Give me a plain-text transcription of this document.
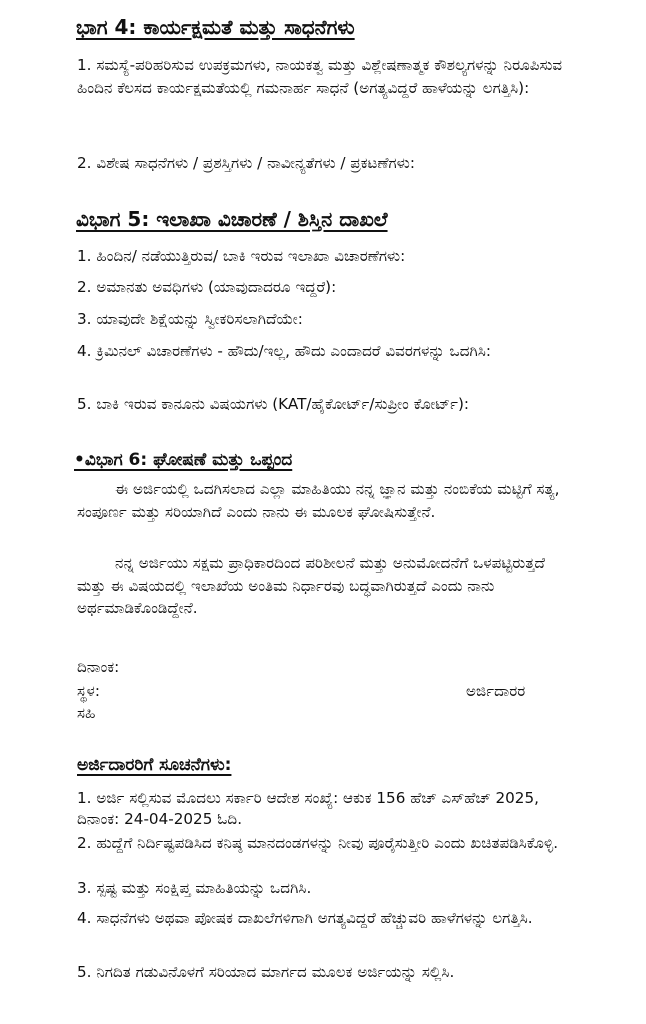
ಭಾಗ 4: ಕಾರ್ಯಕ್ಷಮತೆ ಮತ್ತು ಸಾಧನೆಗಳು

1. ಸಮಸ್ಯೆ-ಪರಿಹರಿಸುವ ಉಪಕ್ರಮಗಳು, ನಾಯಕತ್ವ ಮತ್ತು ವಿಶ್ಲೇಷಣಾತ್ಮಕ ಕೌಶಲ್ಯಗಳನ್ನು ನಿರೂಪಿಸುವ ಹಿಂದಿನ ಕೆಲಸದ ಕಾರ್ಯಕ್ಷಮತೆಯಲ್ಲಿ ಗಮನಾರ್ಹ ಸಾಧನೆ (ಅಗತ್ಯವಿದ್ದರೆ ಹಾಳೆಯನ್ನು ಲಗತ್ತಿಸಿ):

2. ವಿಶೇಷ ಸಾಧನೆಗಳು / ಪ್ರಶಸ್ತಿಗಳು / ನಾವೀನ್ಯತೆಗಳು / ಪ್ರಕಟಣೆಗಳು:

ವಿಭಾಗ 5: ಇಲಾಖಾ ವಿಚಾರಣೆ / ಶಿಸ್ತಿನ ದಾಖಲೆ

1. ಹಿಂದಿನ/ ನಡೆಯುತ್ತಿರುವ/ ಬಾಕಿ ಇರುವ ಇಲಾಖಾ ವಿಚಾರಣೆಗಳು:

2. ಅಮಾನತು ಅವಧಿಗಳು (ಯಾವುದಾದರೂ ಇದ್ದರೆ):

3. ಯಾವುದೇ ಶಿಕ್ಷೆಯನ್ನು ಸ್ವೀಕರಿಸಲಾಗಿದೆಯೇ:

4. ಕ್ರಿಮಿನಲ್ ವಿಚಾರಣೆಗಳು - ಹೌದು/ಇಲ್ಲ, ಹೌದು ಎಂದಾದರೆ ವಿವರಗಳನ್ನು ಒದಗಿಸಿ:

5. ಬಾಕಿ ಇರುವ ಕಾನೂನು ವಿಷಯಗಳು (KAT/ಹೈಕೋರ್ಟ್/ಸುಪ್ರೀಂ ಕೋರ್ಟ್):

•ವಿಭಾಗ 6: ಘೋಷಣೆ ಮತ್ತು ಒಪ್ಪಂದ

ಈ ಅರ್ಜಿಯಲ್ಲಿ ಒದಗಿಸಲಾದ ಎಲ್ಲಾ ಮಾಹಿತಿಯು ನನ್ನ ಜ್ಞಾನ ಮತ್ತು ನಂಬಿಕೆಯ ಮಟ್ಟಿಗೆ ಸತ್ಯ, ಸಂಪೂರ್ಣ ಮತ್ತು ಸರಿಯಾಗಿದೆ ಎಂದು ನಾನು ಈ ಮೂಲಕ ಘೋಷಿಸುತ್ತೇನೆ.

ನನ್ನ ಅರ್ಜಿಯು ಸಕ್ಷಮ ಪ್ರಾಧಿಕಾರದಿಂದ ಪರಿಶೀಲನೆ ಮತ್ತು ಅನುಮೋದನೆಗೆ ಒಳಪಟ್ಟಿರುತ್ತದೆ ಮತ್ತು ಈ ವಿಷಯದಲ್ಲಿ ಇಲಾಖೆಯ ಅಂತಿಮ ನಿರ್ಧಾರವು ಬದ್ಧವಾಗಿರುತ್ತದೆ ಎಂದು ನಾನು ಅರ್ಥಮಾಡಿಕೊಂಡಿದ್ದೇನೆ.

ದಿನಾಂಕ:

ಸ್ಥಳ:	ಅರ್ಜಿದಾರರ

ಸಹಿ

ಅರ್ಜಿದಾರರಿಗೆ ಸೂಚನೆಗಳು:

1. ಅರ್ಜಿ ಸಲ್ಲಿಸುವ ಮೊದಲು ಸರ್ಕಾರಿ ಆದೇಶ ಸಂಖ್ಯೆ: ಆಕುಕ 156 ಹೆಚ್ ಎಸ್‌ಹೆಚ್ 2025, ದಿನಾಂಕ: 24-04-2025 ಓದಿ.

2. ಹುದ್ದೆಗೆ ನಿರ್ದಿಷ್ಟಪಡಿಸಿದ ಕನಿಷ್ಠ ಮಾನದಂಡಗಳನ್ನು ನೀವು ಪೂರೈಸುತ್ತೀರಿ ಎಂದು ಖಚಿತಪಡಿಸಿಕೊಳ್ಳಿ.

3. ಸ್ಪಷ್ಟ ಮತ್ತು ಸಂಕ್ಷಿಪ್ತ ಮಾಹಿತಿಯನ್ನು ಒದಗಿಸಿ.

4. ಸಾಧನೆಗಳು ಅಥವಾ ಪೋಷಕ ದಾಖಲೆಗಳಿಗಾಗಿ ಅಗತ್ಯವಿದ್ದರೆ ಹೆಚ್ಚುವರಿ ಹಾಳೆಗಳನ್ನು ಲಗತ್ತಿಸಿ.

5. ನಿಗದಿತ ಗಡುವಿನೊಳಗೆ ಸರಿಯಾದ ಮಾರ್ಗದ ಮೂಲಕ ಅರ್ಜಿಯನ್ನು ಸಲ್ಲಿಸಿ.
